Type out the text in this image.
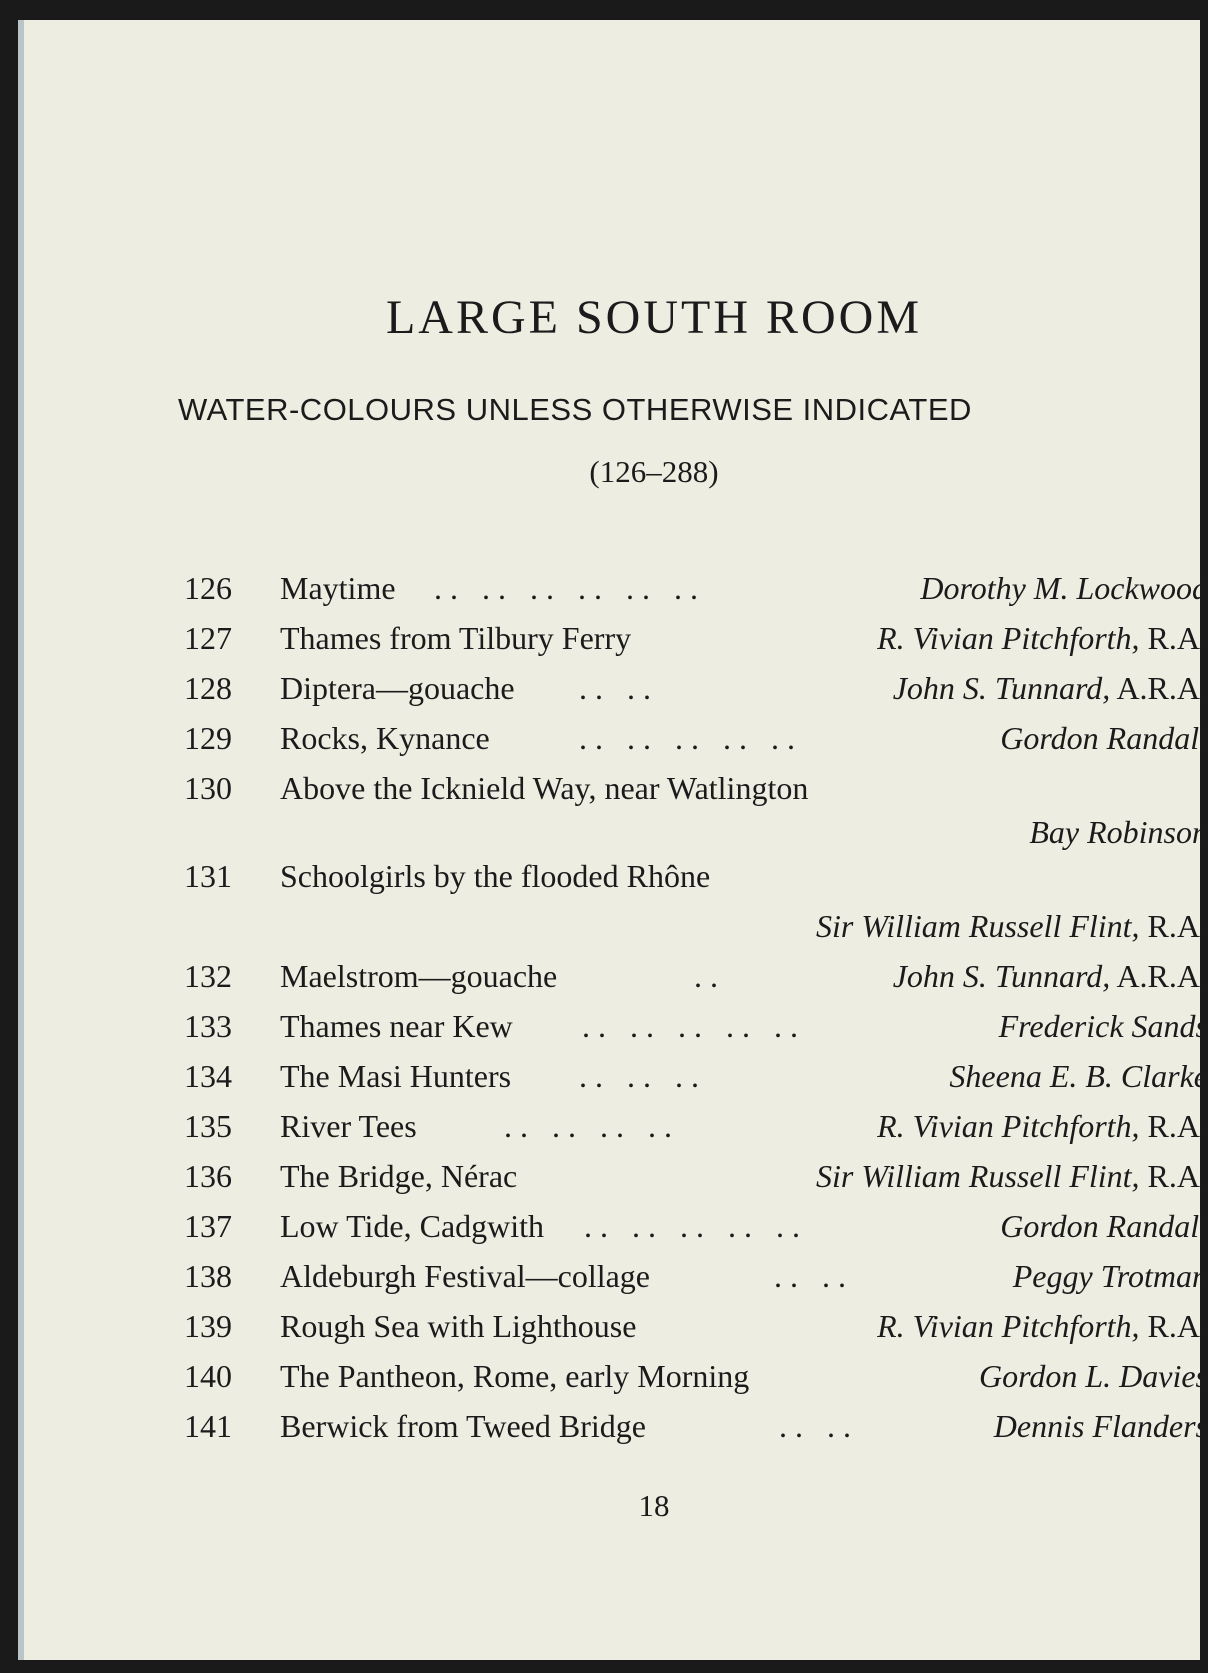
LARGE SOUTH ROOM
WATER-COLOURS UNLESS OTHERWISE INDICATED
(126–288)
126 Maytime .. .. .. .. .. ..	Dorothy M. Lockwood
127 Thames from Tilbury Ferry	R. Vivian Pitchforth, R.A.
128 Diptera—gouache .. ..	John S. Tunnard, A.R.A.
129 Rocks, Kynance	.. .. .. .. ..	Gordon Randall
130 Above the Icknield Way, near Watlington
Bay Robinson
131 Schoolgirls by the flooded Rhône
Sir William Russell Flint, R.A.
132 Maelstrom—gouache	..	John S. Tunnard, A.R.A.
133 Thames near Kew .. .. .. .. ..	Frederick Sands
134 The Masi Hunters .. .. ..	Sheena E. B. Clarke
135 River Tees	.. .. .. ..	R. Vivian Pitchforth, R.A.
136 The Bridge, Nérac	Sir William Russell Flint, R.A.
137 Low Tide, Cadgwith .. .. .. .. ..	Gordon Randall
138 Aldeburgh Festival—collage	.. ..	Peggy Trotman
139 Rough Sea with Lighthouse	R. Vivian Pitchforth, R.A.
140 The Pantheon, Rome, early Morning	Gordon L. Davies
141 Berwick from Tweed Bridge	.. ..	Dennis Flanders
18
